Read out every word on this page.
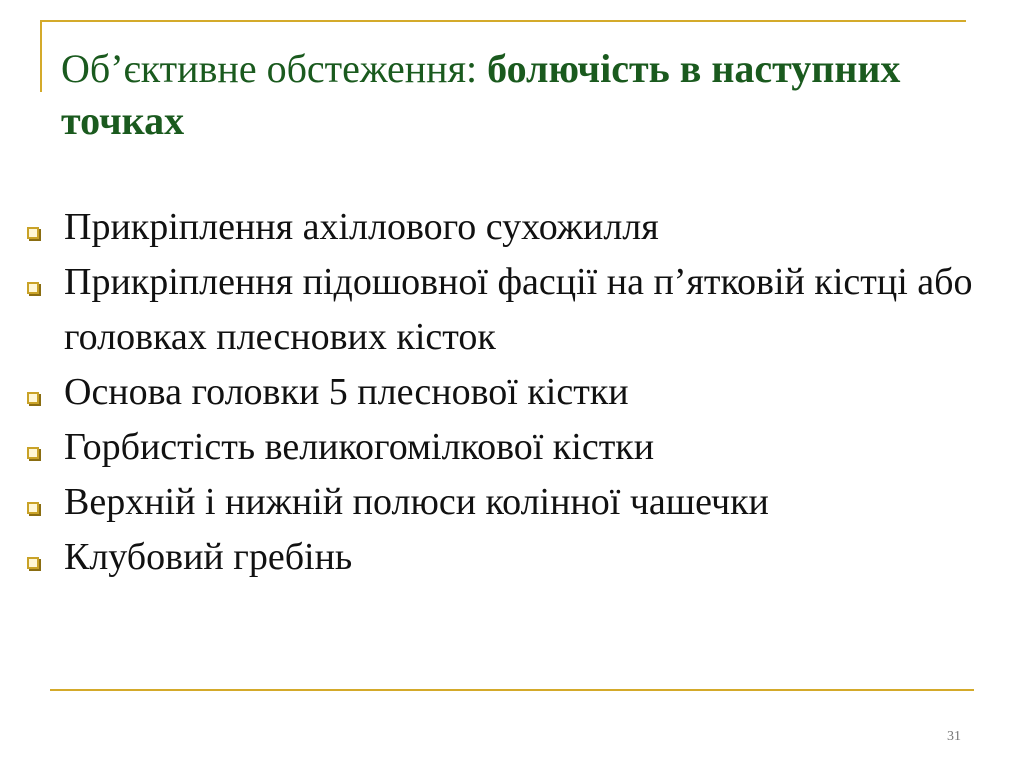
Об’єктивне обстеження: болючість в наступних точках
Прикріплення ахіллового сухожилля
Прикріплення підошовної фасції на п’ятковій кістці або головках плеснових кісток
Основа головки 5 плеснової кістки
Горбистість великогомілкової кістки
Верхній і нижній полюси колінної чашечки
Клубовий гребінь
31
